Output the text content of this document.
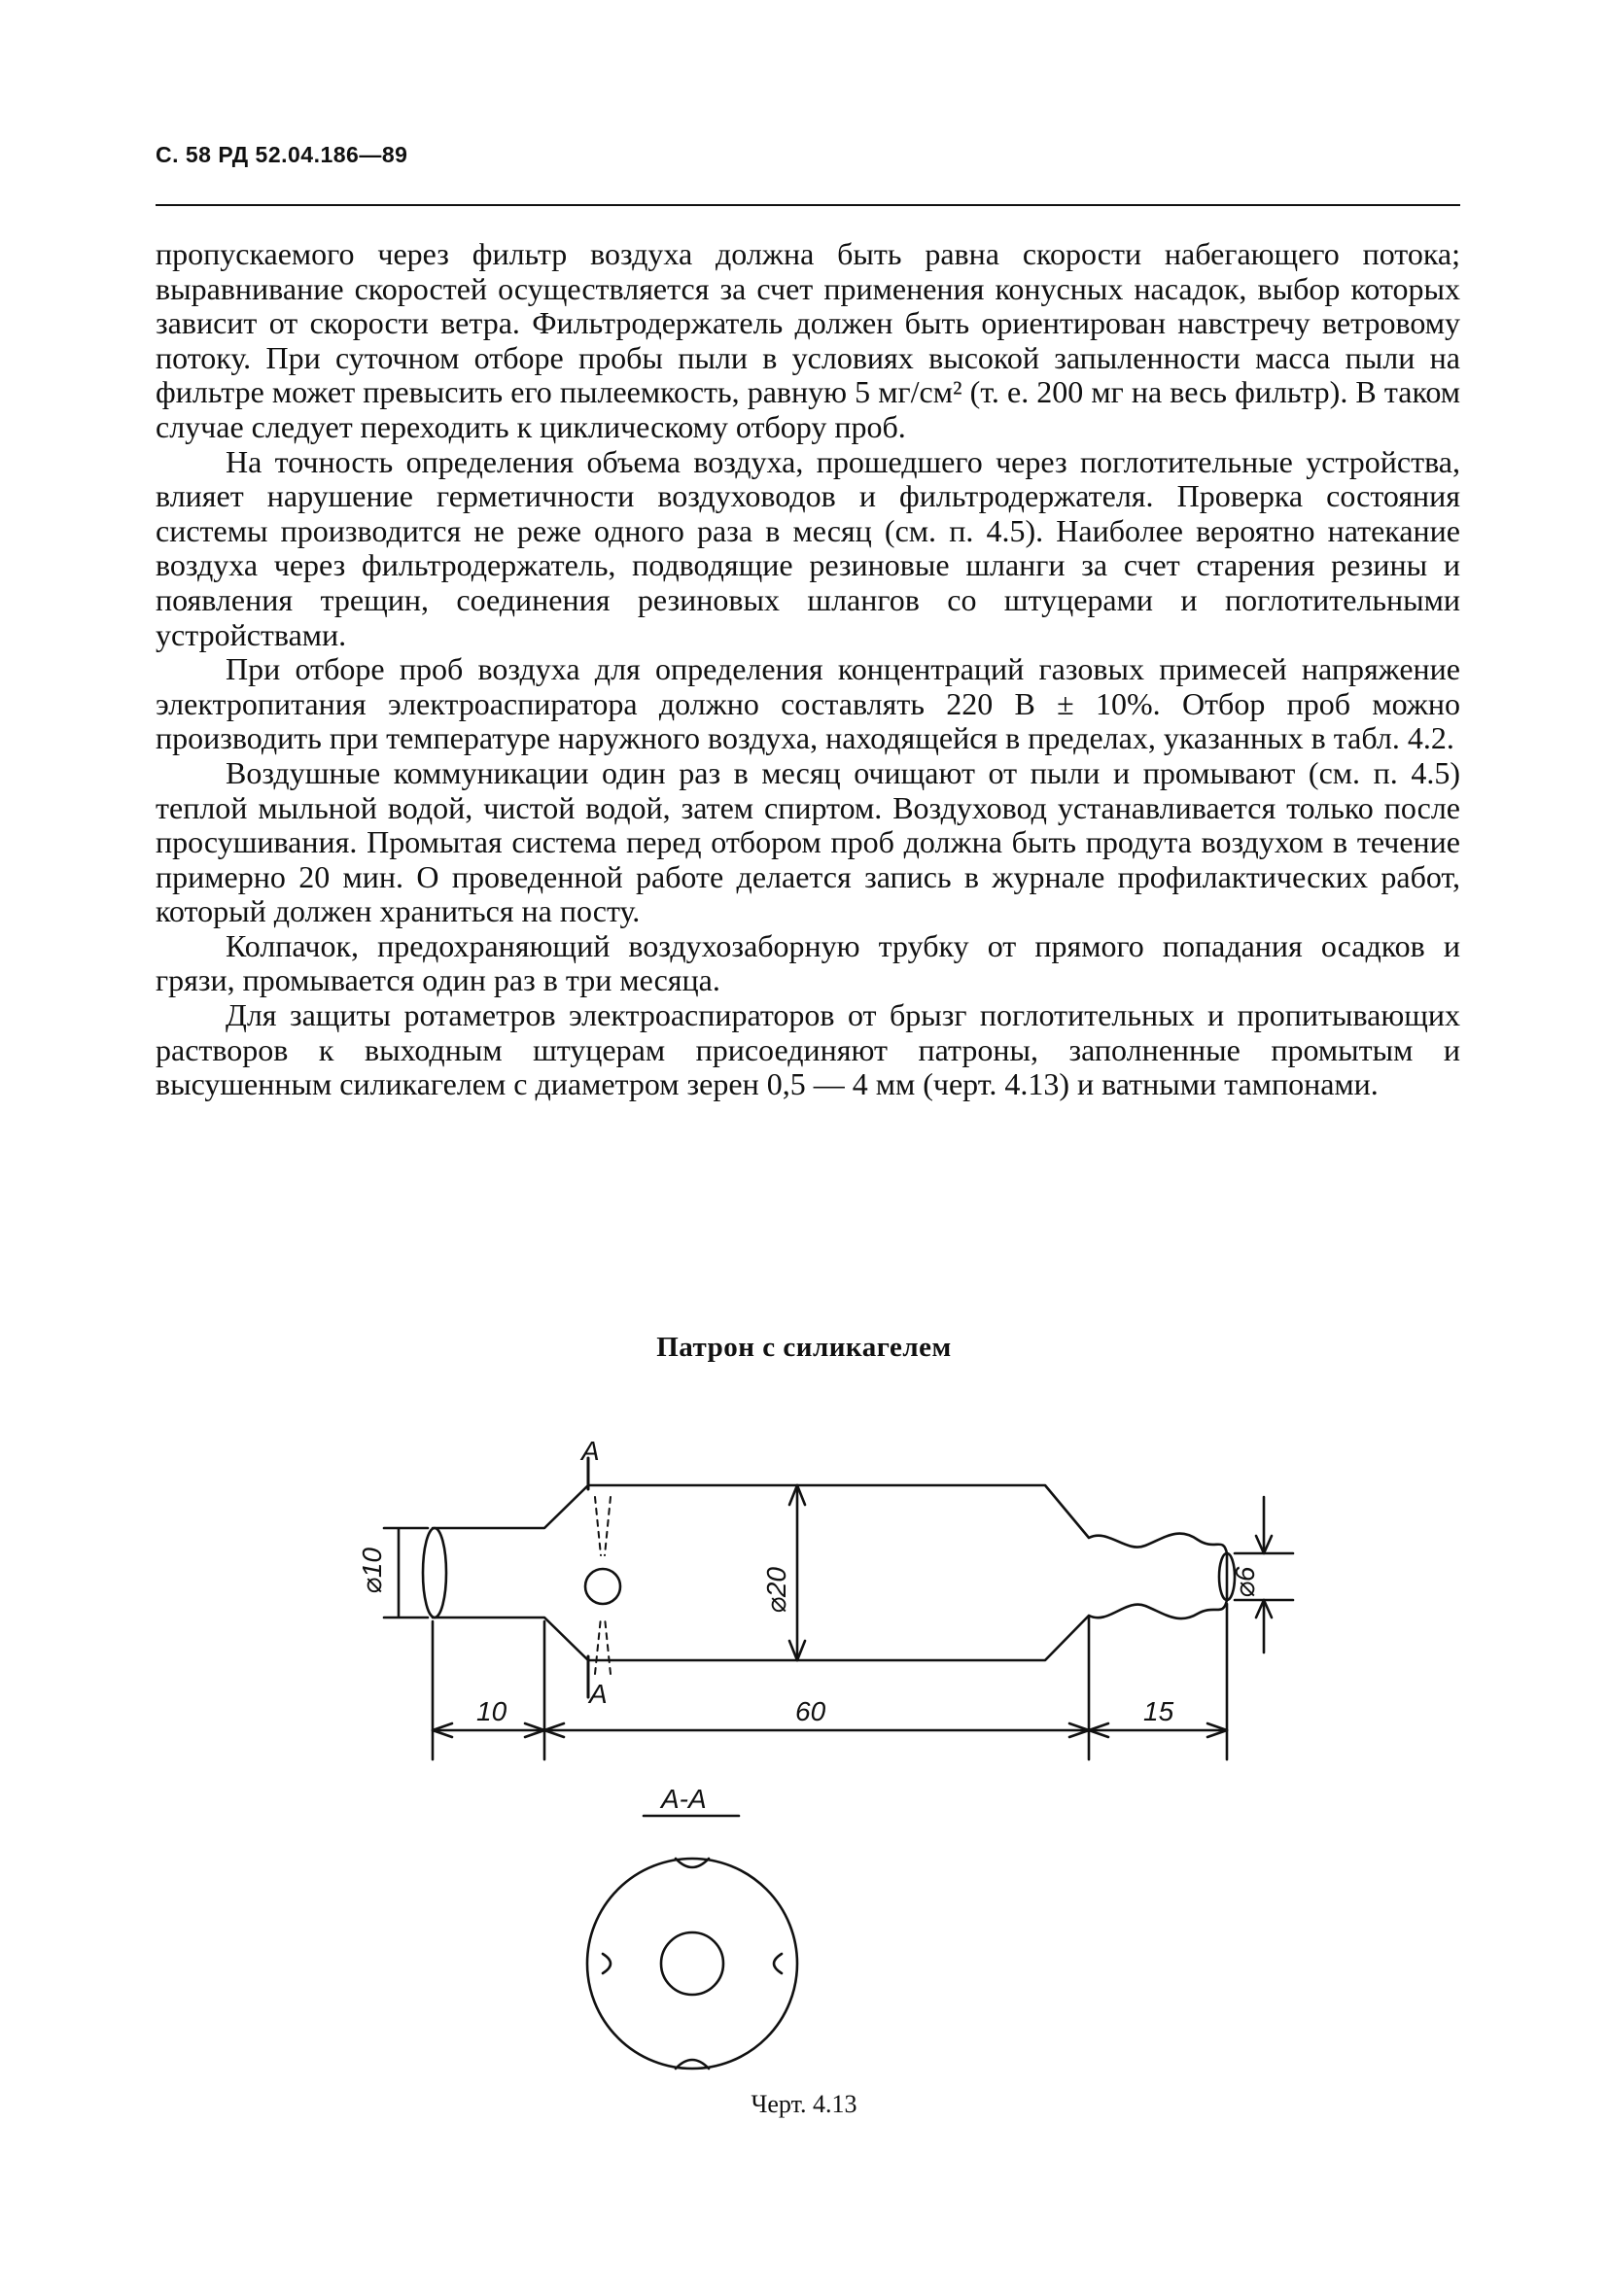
С. 58 РД 52.04.186—89

пропускаемого через фильтр воздуха должна быть равна скорости набегающего потока; выравнивание скоростей осуществляется за счет применения конусных насадок, выбор которых зависит от скорости ветра. Фильтродержатель должен быть ориентирован навстречу ветровому потоку. При суточном отборе пробы пыли в условиях высокой запыленности масса пыли на фильтре может превысить его пылеемкость, равную 5 мг/см² (т. е. 200 мг на весь фильтр). В таком случае следует переходить к циклическому отбору проб.

На точность определения объема воздуха, прошедшего через поглотительные устройства, влияет нарушение герметичности воздуховодов и фильтродержателя. Проверка состояния системы производится не реже одного раза в месяц (см. п. 4.5). Наиболее вероятно натекание воздуха через фильтродержатель, подводящие резиновые шланги за счет старения резины и появления трещин, соединения резиновых шлангов со штуцерами и поглотительными устройствами.

При отборе проб воздуха для определения концентраций газовых примесей напряжение электропитания электроаспиратора должно составлять 220 В ± 10%. Отбор проб можно производить при температуре наружного воздуха, находящейся в пределах, указанных в табл. 4.2.

Воздушные коммуникации один раз в месяц очищают от пыли и промывают (см. п. 4.5) теплой мыльной водой, чистой водой, затем спиртом. Воздуховод устанавливается только после просушивания. Промытая система перед отбором проб должна быть продута воздухом в течение примерно 20 мин. О проведенной работе делается запись в журнале профилактических работ, который должен храниться на посту.

Колпачок, предохраняющий воздухозаборную трубку от прямого попадания осадков и грязи, промывается один раз в три месяца.

Для защиты ротаметров электроаспираторов от брызг поглотительных и пропитывающих растворов к выходным штуцерам присоединяют патроны, заполненные промытым и высушенным силикагелем с диаметром зерен 0,5 — 4 мм (черт. 4.13) и ватными тампонами.

Патрон с силикагелем
A
A
⌀10	⌀20	⌀6
10	60	15
A-A
Черт. 4.13
